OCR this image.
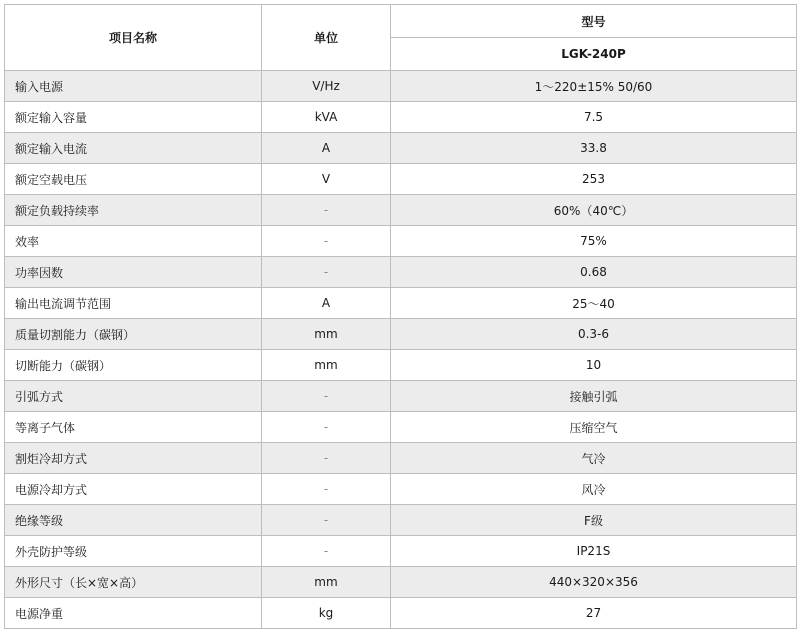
项目名称	单位	型号
		LGK-240P
输入电源	V/Hz	1～220±15% 50/60
额定输入容量	kVA	7.5
额定输入电流	A	33.8
额定空载电压	V	253
额定负载持续率	-	60%（40℃）
效率	-	75%
功率因数	-	0.68
输出电流调节范围	A	25～40
质量切割能力（碳钢）	mm	0.3-6
切断能力（碳钢）	mm	10
引弧方式	-	接触引弧
等离子气体	-	压缩空气
割炬冷却方式	-	气冷
电源冷却方式	-	风冷
绝缘等级	-	F级
外壳防护等级	-	IP21S
外形尺寸（长×宽×高）	mm	440×320×356
电源净重	kg	27
